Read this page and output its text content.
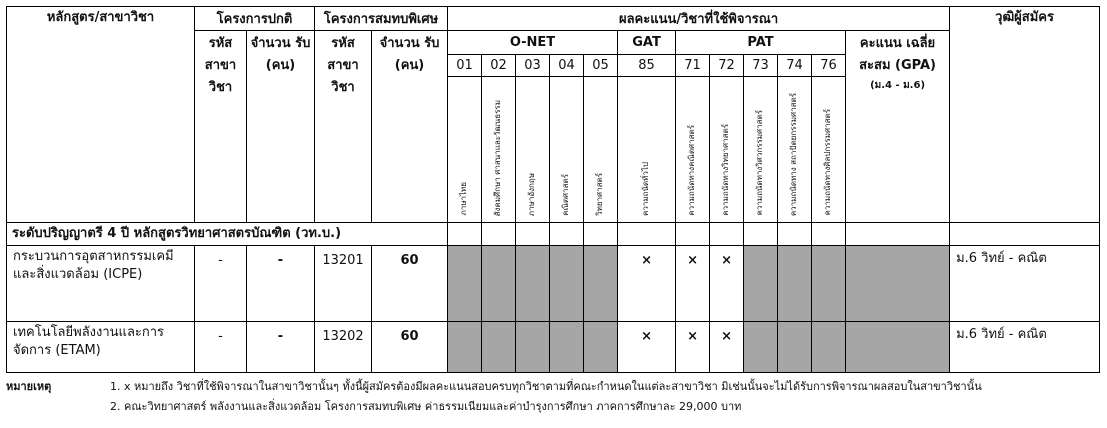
หลักสูตร/สาขาวิชา	โครงการปกติ		โครงการสมทบพิเศษ		ผลคะแนน/วิชาที่ใช้พิจารณา												วุฒิผู้สมัคร
	รหัส สาขา วิชา	จำนวน รับ (คน)	รหัส สาขา วิชา	จำนวน รับ (คน)	O-NET					GAT	PAT					คะแนน เฉลี่ยสะสม (GPA)
(ม.4 - ม.6)	

					01	02	03	04	05	85	71	72	73	74	76		

					ภาษาไทย	สังคมศึกษา ศาสนาและวัฒนธรรม	ภาษาอังกฤษ	คณิตศาสตร์	วิทยาศาสตร์	ความถนัดทั่วไป	ความถนัดทางคณิตศาสตร์	ความถนัดทางวิทยาศาสตร์	ความถนัดทางวิศวกรรมศาสตร์	ความถนัดทาง สถาปัตยกรรมศาสตร์	ความถนัดทางศิลปกรรมศาสตร์		

ระดับปริญญาตรี 4 ปี หลักสูตรวิทยาศาสตรบัณฑิต (วท.บ.)																	
กระบวนการอุตสาหกรรมเคมีและสิ่งแวดล้อม (ICPE)	-	-	13201	60						×	×	×					ม.6 วิทย์ - คณิต
เทคโนโลยีพลังงานและการจัดการ (ETAM)	-	-	13202	60						×	×	×					ม.6 วิทย์ - คณิต
หมายเหตุ	1. x หมายถึง วิชาที่ใช้พิจารณาในสาขาวิชานั้นๆ ทั้งนี้ผู้สมัครต้องมีผลคะแนนสอบครบทุกวิชาตามที่คณะกำหนดในแต่ละสาขาวิชา มิเช่นนั้นจะไม่ได้รับการพิจารณาผลสอบในสาขาวิชานั้น
2. คณะวิทยาศาสตร์ พลังงานและสิ่งแวดล้อม โครงการสมทบพิเศษ ค่าธรรมเนียมและค่าบำรุงการศึกษา ภาคการศึกษาละ 29,000 บาท
